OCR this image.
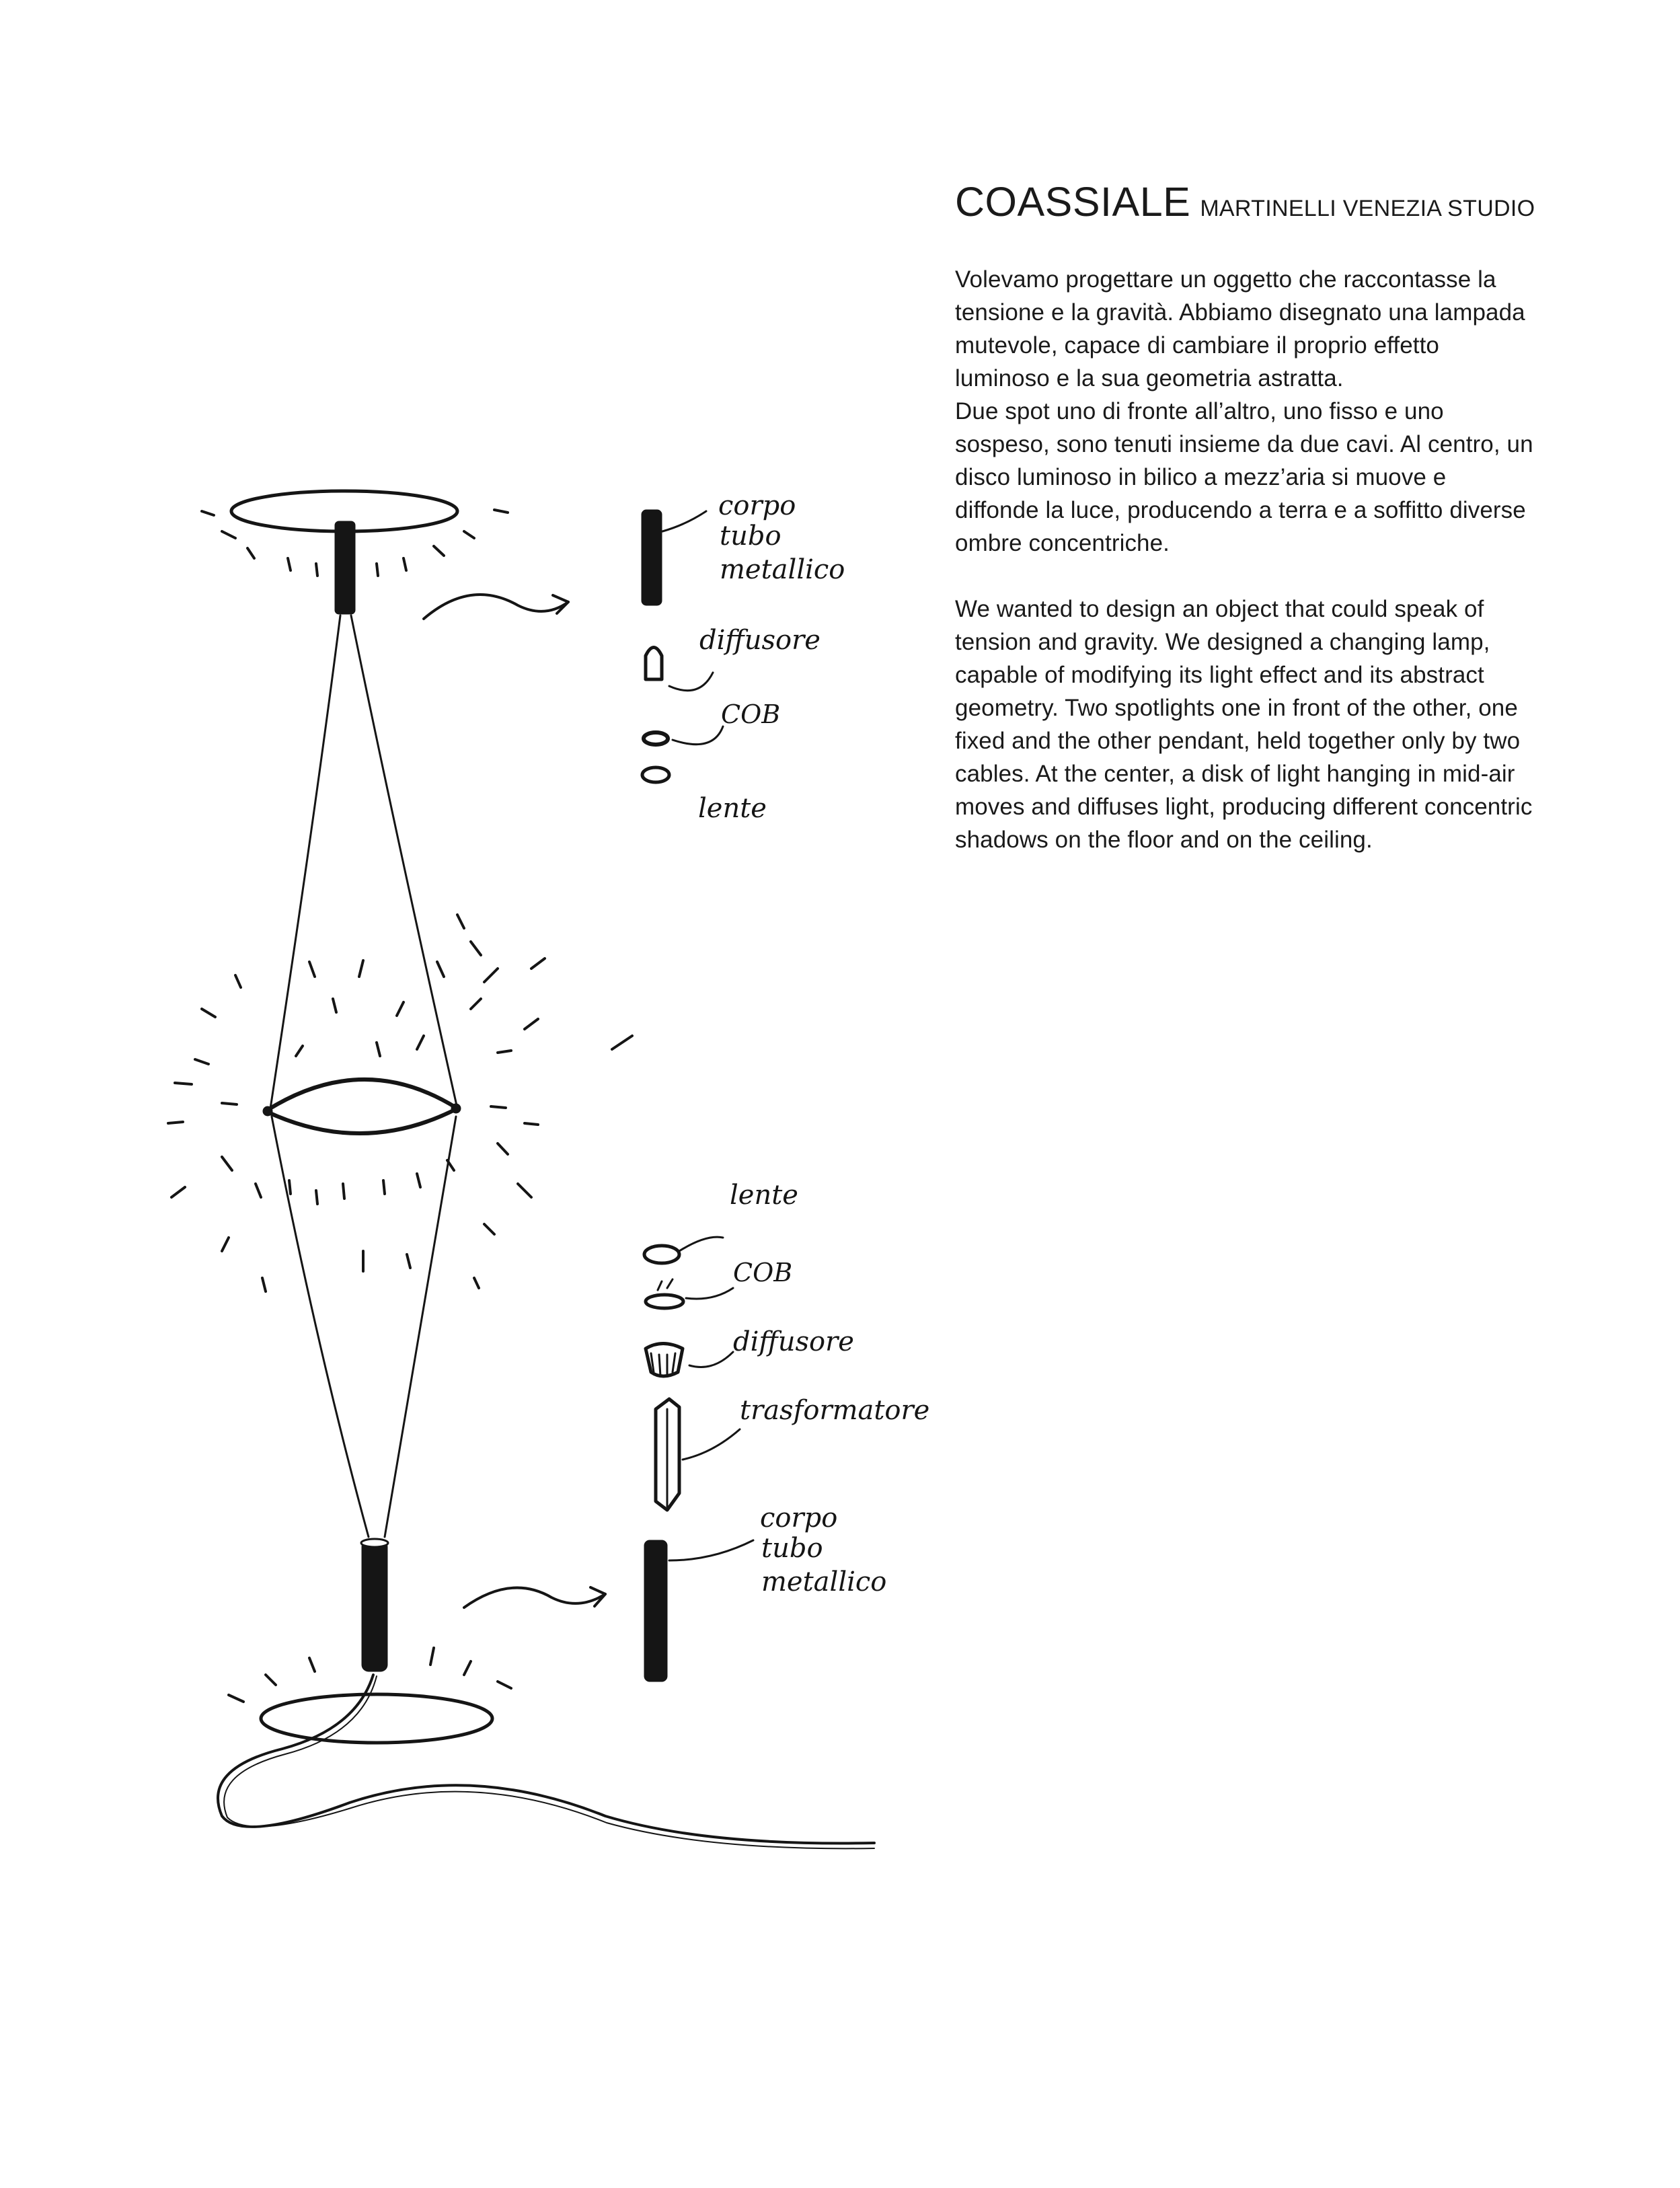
corpo
tubo
metallico
diffusore
COB
lente
lente
COB
diffusore
trasformatore
corpo
tubo
metallico
COASSIALE MARTINELLI VENEZIA STUDIO

Volevamo progettare un oggetto che raccontasse la tensione e la gravità. Abbiamo disegnato una lampada mutevole, capace di cambiare il proprio effetto luminoso e la sua geometria astratta.

Due spot uno di fronte all’altro, uno fisso e uno sospeso, sono tenuti insieme da due cavi. Al centro, un disco luminoso in bilico a mezz’aria si muove e diffonde la luce, producendo a terra e a soffitto diverse ombre concentriche.

We wanted to design an object that could speak of tension and gravity. We designed a changing lamp, capable of modifying its light effect and its abstract geometry. Two spotlights one in front of the other, one fixed and the other pendant, held together only by two cables. At the center, a disk of light hanging in mid-air moves and diffuses light, producing different concentric shadows on the floor and on the ceiling.
